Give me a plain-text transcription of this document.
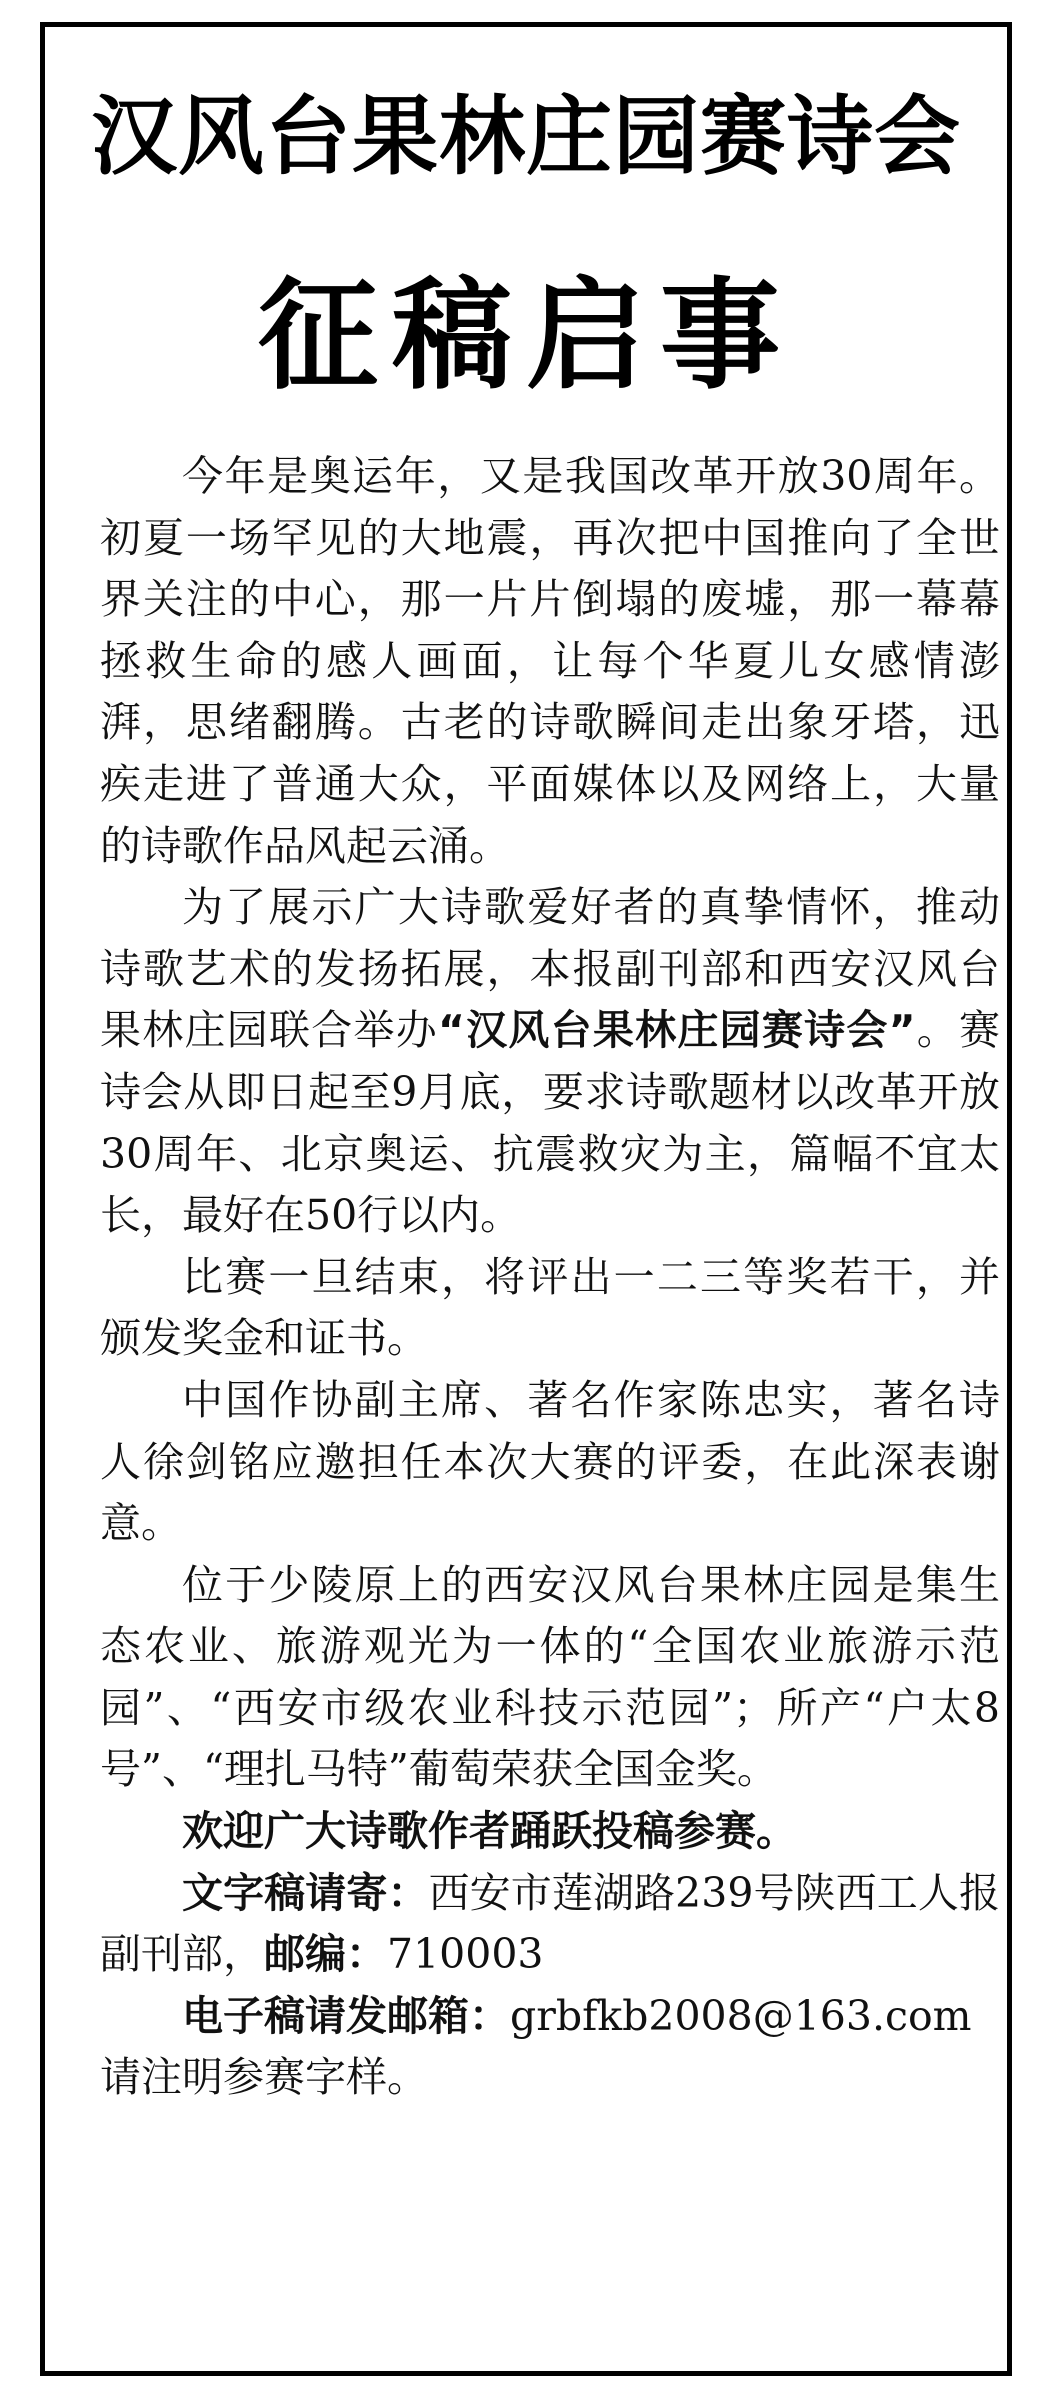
汉风台果林庄园赛诗会
征稿启事

今年是奥运年，又是我国改革开放30周年。初夏一场罕见的大地震，再次把中国推向了全世界关注的中心，那一片片倒塌的废墟，那一幕幕拯救生命的感人画面，让每个华夏儿女感情澎湃，思绪翻腾。古老的诗歌瞬间走出象牙塔，迅疾走进了普通大众，平面媒体以及网络上，大量的诗歌作品风起云涌。

为了展示广大诗歌爱好者的真挚情怀，推动诗歌艺术的发扬拓展，本报副刊部和西安汉风台果林庄园联合举办“汉风台果林庄园赛诗会”。赛诗会从即日起至9月底，要求诗歌题材以改革开放30周年、北京奥运、抗震救灾为主，篇幅不宜太长，最好在50行以内。

比赛一旦结束，将评出一二三等奖若干，并颁发奖金和证书。

中国作协副主席、著名作家陈忠实，著名诗人徐剑铭应邀担任本次大赛的评委，在此深表谢意。

位于少陵原上的西安汉风台果林庄园是集生态农业、旅游观光为一体的“全国农业旅游示范园”、“西安市级农业科技示范园”；所产“户太8号”、“理扎马特”葡萄荣获全国金奖。

欢迎广大诗歌作者踊跃投稿参赛。

文字稿请寄：西安市莲湖路239号陕西工人报副刊部，邮编：710003

电子稿请发邮箱：grbfkb2008@163.com

请注明参赛字样。
